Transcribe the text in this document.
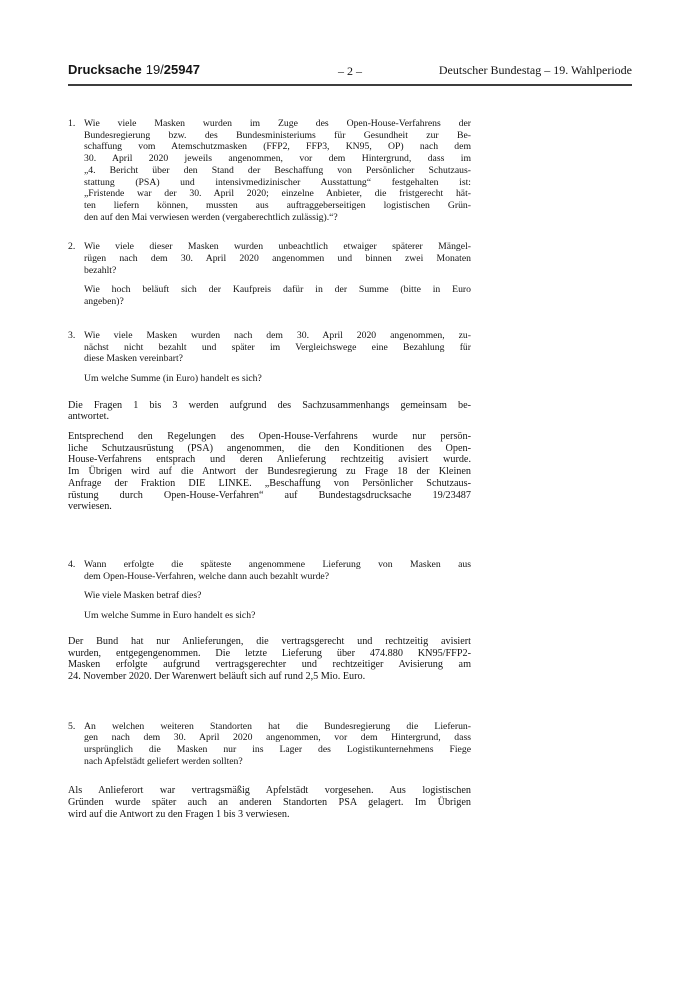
Drucksache 19/25947	– 2 –	Deutscher Bundestag – 19. Wahlperiode
1. Wie viele Masken wurden im Zuge des Open-House-Verfahrens der
Bundesregierung bzw. des Bundesministeriums für Gesundheit zur Be-
schaffung vom Atemschutzmasken (FFP2, FFP3, KN95, OP) nach dem
30. April 2020 jeweils angenommen, vor dem Hintergrund, dass im
„4. Bericht über den Stand der Beschaffung von Persönlicher Schutzaus-
stattung (PSA) und intensivmedizinischer Ausstattung“ festgehalten ist:
„Fristende war der 30. April 2020; einzelne Anbieter, die fristgerecht hät-
ten liefern können, mussten aus auftraggeberseitigen logistischen Grün-
den auf den Mai verwiesen werden (vergaberechtlich zulässig).“?
2. Wie viele dieser Masken wurden unbeachtlich etwaiger späterer Mängel-
rügen nach dem 30. April 2020 angenommen und binnen zwei Monaten
bezahlt?
Wie hoch beläuft sich der Kaufpreis dafür in der Summe (bitte in Euro
angeben)?
3. Wie viele Masken wurden nach dem 30. April 2020 angenommen, zu-
nächst nicht bezahlt und später im Vergleichswege eine Bezahlung für
diese Masken vereinbart?
Um welche Summe (in Euro) handelt es sich?
Die Fragen 1 bis 3 werden aufgrund des Sachzusammenhangs gemeinsam be-
antwortet.
Entsprechend den Regelungen des Open-House-Verfahrens wurde nur persön-
liche Schutzausrüstung (PSA) angenommen, die den Konditionen des Open-
House-Verfahrens entsprach und deren Anlieferung rechtzeitig avisiert wurde.
Im Übrigen wird auf die Antwort der Bundesregierung zu Frage 18 der Kleinen
Anfrage der Fraktion DIE LINKE. „Beschaffung von Persönlicher Schutzaus-
rüstung durch Open-House-Verfahren“ auf Bundestagsdrucksache 19/23487
verwiesen.
4. Wann erfolgte die späteste angenommene Lieferung von Masken aus
dem Open-House-Verfahren, welche dann auch bezahlt wurde?
Wie viele Masken betraf dies?
Um welche Summe in Euro handelt es sich?
Der Bund hat nur Anlieferungen, die vertragsgerecht und rechtzeitig avisiert
wurden, entgegengenommen. Die letzte Lieferung über 474.880 KN95/FFP2-
Masken erfolgte aufgrund vertragsgerechter und rechtzeitiger Avisierung am
24. November 2020. Der Warenwert beläuft sich auf rund 2,5 Mio. Euro.
5. An welchen weiteren Standorten hat die Bundesregierung die Lieferun-
gen nach dem 30. April 2020 angenommen, vor dem Hintergrund, dass
ursprünglich die Masken nur ins Lager des Logistikunternehmens Fiege
nach Apfelstädt geliefert werden sollten?
Als Anlieferort war vertragsmäßig Apfelstädt vorgesehen. Aus logistischen
Gründen wurde später auch an anderen Standorten PSA gelagert. Im Übrigen
wird auf die Antwort zu den Fragen 1 bis 3 verwiesen.
